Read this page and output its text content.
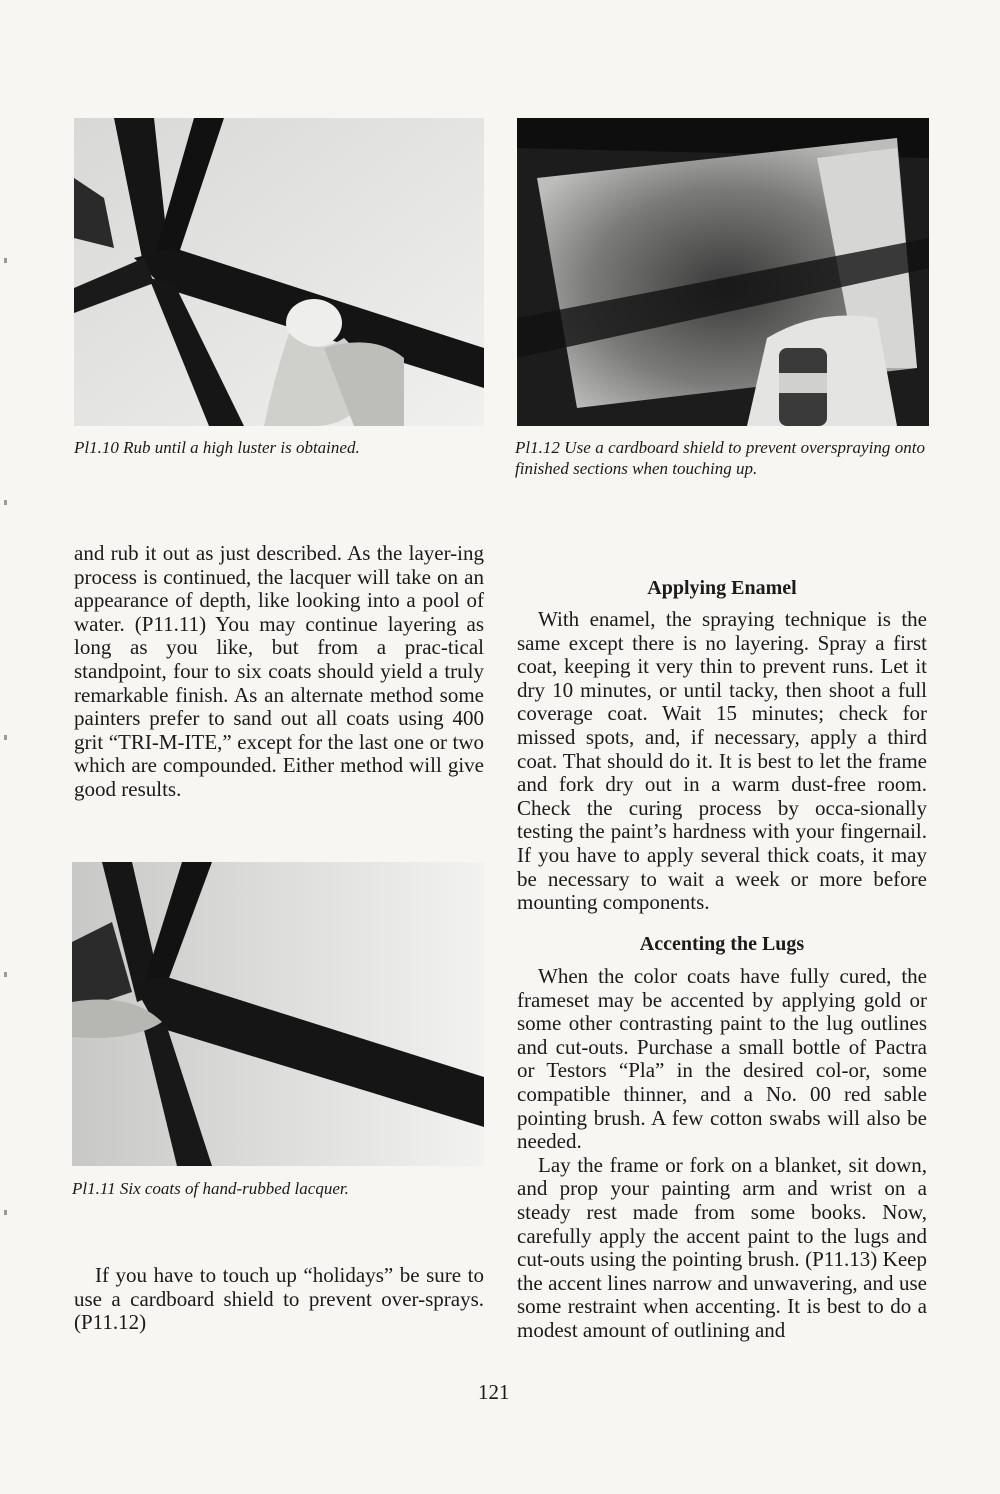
Pl1.10 Rub until a high luster is obtained.	Pl1.12 Use a cardboard shield to prevent overspraying onto finished sections when touching up.

and rub it out as just described. As the layer-ing process is continued, the lacquer will take on an appearance of depth, like looking into a pool of water. (P11.11) You may continue layering as long as you like, but from a prac-tical standpoint, four to six coats should yield a truly remarkable finish. As an alternate method some painters prefer to sand out all coats using 400 grit “TRI-M-ITE,” except for the last one or two which are compounded. Either method will give good results.

Pl1.11 Six coats of hand-rubbed lacquer.

If you have to touch up “holidays” be sure to use a cardboard shield to prevent over-sprays. (P11.12)

Applying Enamel

With enamel, the spraying technique is the same except there is no layering. Spray a first coat, keeping it very thin to prevent runs. Let it dry 10 minutes, or until tacky, then shoot a full coverage coat. Wait 15 minutes; check for missed spots, and, if necessary, apply a third coat. That should do it. It is best to let the frame and fork dry out in a warm dust-free room. Check the curing process by occa-sionally testing the paint’s hardness with your fingernail. If you have to apply several thick coats, it may be necessary to wait a week or more before mounting components.

Accenting the Lugs

When the color coats have fully cured, the frameset may be accented by applying gold or some other contrasting paint to the lug outlines and cut-outs. Purchase a small bottle of Pactra or Testors “Pla” in the desired col-or, some compatible thinner, and a No. 00 red sable pointing brush. A few cotton swabs will also be needed.

Lay the frame or fork on a blanket, sit down, and prop your painting arm and wrist on a steady rest made from some books. Now, carefully apply the accent paint to the lugs and cut-outs using the pointing brush. (P11.13) Keep the accent lines narrow and unwavering, and use some restraint when accenting. It is best to do a modest amount of outlining and

121
